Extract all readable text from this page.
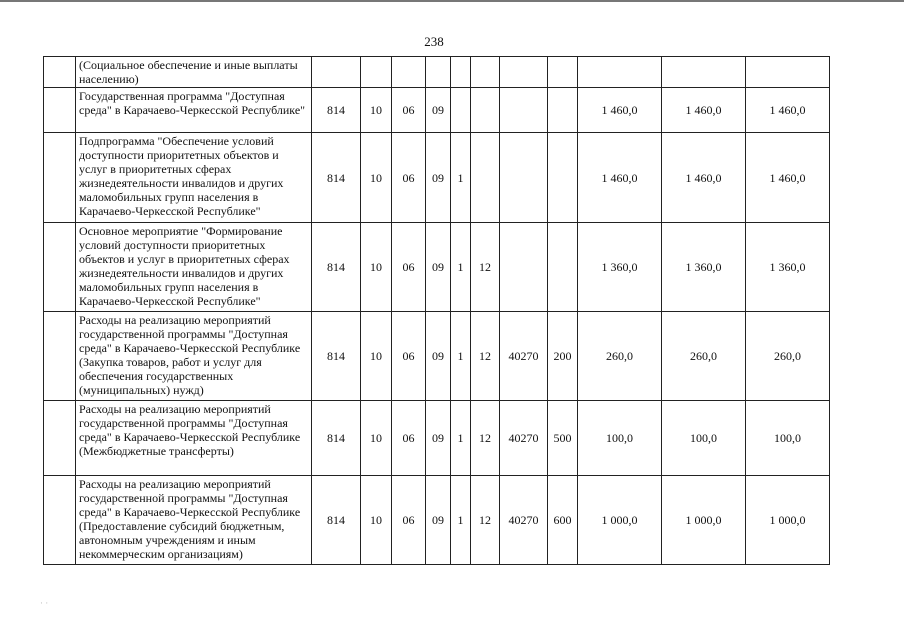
238
	(Социальное обеспечение и иные выплаты населению)											
	Государственная программа "Доступная среда" в Карачаево-Черкесской Республике"	814	10	06	09					1 460,0	1 460,0	1 460,0
	Подпрограмма "Обеспечение условий доступности приоритетных объектов и услуг в приоритетных сферах жизнедеятельности инвалидов и других маломобильных групп населения в Карачаево-Черкесской Республике"	814	10	06	09	1				1 460,0	1 460,0	1 460,0
	Основное мероприятие "Формирование условий доступности приоритетных объектов и услуг в приоритетных сферах жизнедеятельности инвалидов и других маломобильных групп населения в Карачаево-Черкесской Республике"	814	10	06	09	1	12			1 360,0	1 360,0	1 360,0
	Расходы на реализацию мероприятий государственной программы "Доступная среда" в Карачаево-Черкесской Республике (Закупка товаров, работ и услуг для обеспечения государственных (муниципальных) нужд)	814	10	06	09	1	12	40270	200	260,0	260,0	260,0
	Расходы на реализацию мероприятий государственной программы "Доступная среда" в Карачаево-Черкесской Республике (Межбюджетные трансферты)	814	10	06	09	1	12	40270	500	100,0	100,0	100,0
	Расходы на реализацию мероприятий государственной программы "Доступная среда" в Карачаево-Черкесской Республике (Предоставление субсидий бюджетным, автономным учреждениям и иным некоммерческим организациям)	814	10	06	09	1	12	40270	600	1 000,0	1 000,0	1 000,0
· ·
